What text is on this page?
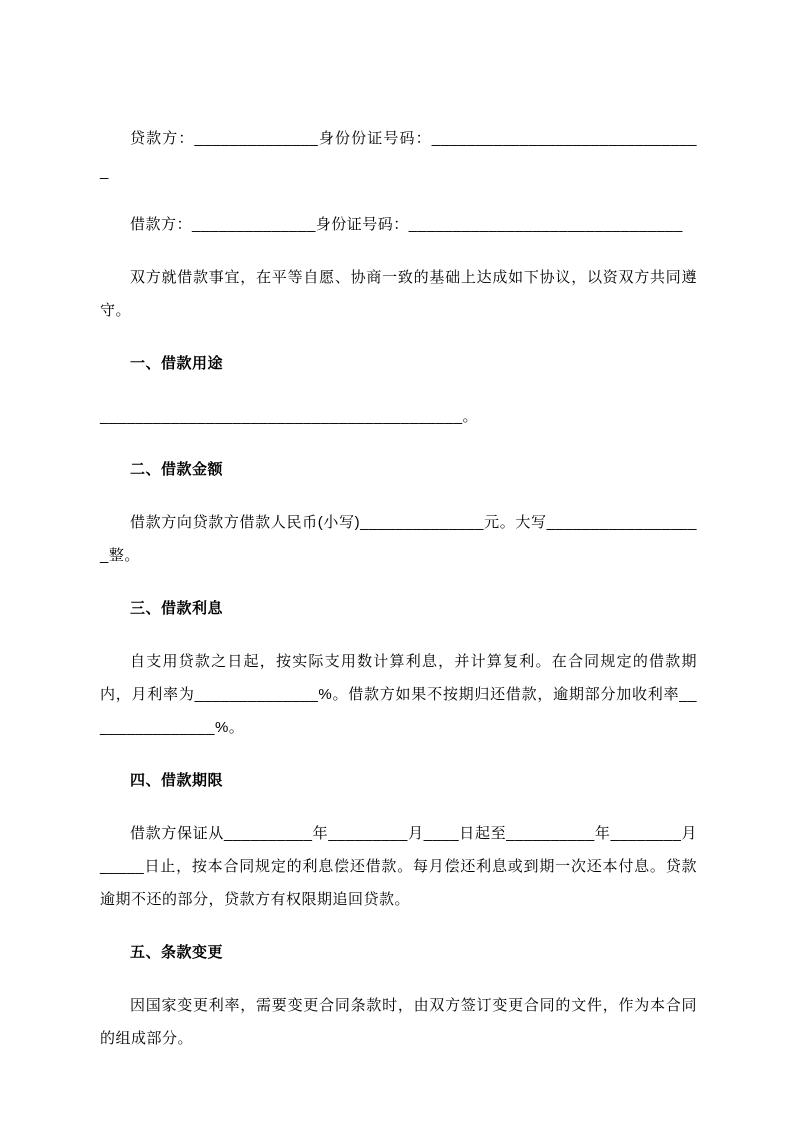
贷款方：______________身份份证号码：_______________________________

借款方：______________身份证号码：_______________________________

双方就借款事宜，在平等自愿、协商一致的基础上达成如下协议，以资双方共同遵守。

一、借款用途

_________________________________________。

二、借款金额

借款方向贷款方借款人民币(小写)______________元。大写__________________整。

三、借款利息

自支用贷款之日起，按实际支用数计算利息，并计算复利。在合同规定的借款期内，月利率为______________%。借款方如果不按期归还借款，逾期部分加收利率_______________%。

四、借款期限

借款方保证从__________年_________月____日起至__________年________月_____日止，按本合同规定的利息偿还借款。每月偿还利息或到期一次还本付息。贷款逾期不还的部分，贷款方有权限期追回贷款。

五、条款变更

因国家变更利率，需要变更合同条款时，由双方签订变更合同的文件，作为本合同的组成部分。
